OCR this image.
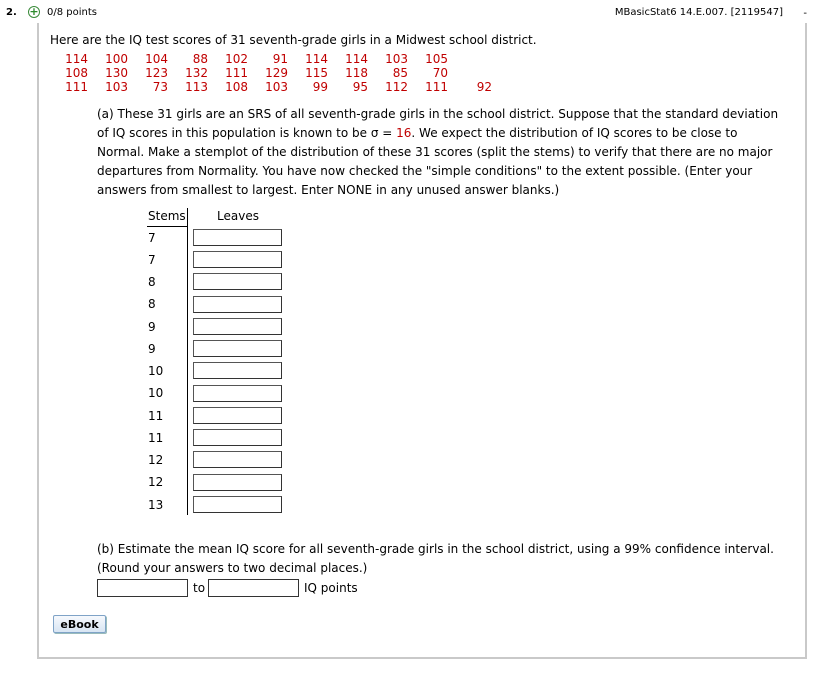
2. + 0/8 points	MBasicStat6 14.E.007. [2119547] -
Here are the IQ test scores of 31 seventh-grade girls in a Midwest school district.
114	100	104	88	102	91	114	114	103	105
108	130	123	132	111	129	115	118	85	70
111	103	73	113	108	103	99	95	112	111	92
(a) These 31 girls are an SRS of all seventh-grade girls in the school district. Suppose that the standard deviation
of IQ scores in this population is known to be σ = 16. We expect the distribution of IQ scores to be close to
Normal. Make a stemplot of the distribution of these 31 scores (split the stems) to verify that there are no major
departures from Normality. You have now checked the "simple conditions" to the extent possible. (Enter your
answers from smallest to largest. Enter NONE in any unused answer blanks.)
Stems	Leaves
7
7
8
8
9
9
10
10
11
11
12
12
13
(b) Estimate the mean IQ score for all seventh-grade girls in the school district, using a 99% confidence interval.
(Round your answers to two decimal places.)
to	IQ points
eBook
